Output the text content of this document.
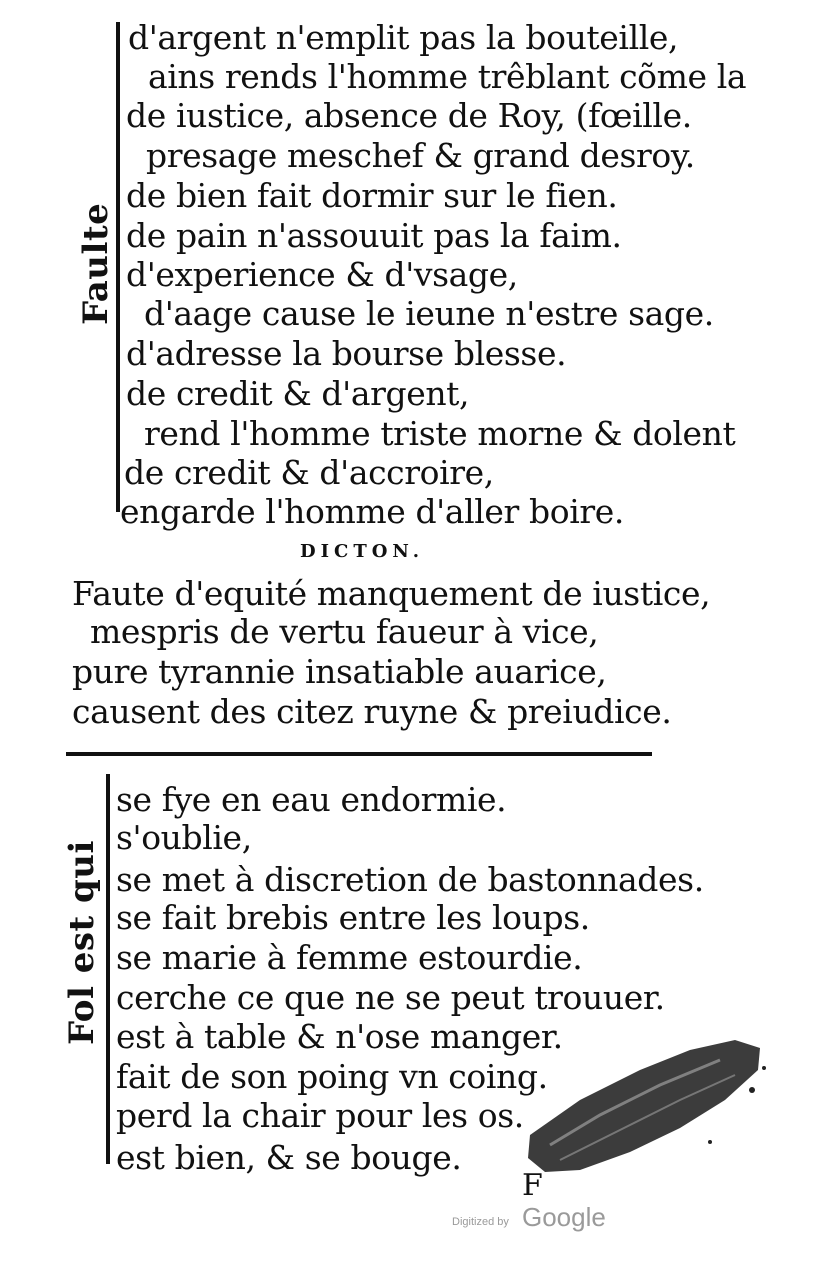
Faulte
d'argent n'emplit pas la bouteille,
ains rends l'homme trêblant cõme la
de iustice, absence de Roy, (fœille.
presage meschef & grand desroy.
de bien fait dormir sur le fien.
de pain n'assouuit pas la faim.
d'experience & d'vsage,
d'aage cause le ieune n'estre sage.
d'adresse la bourse blesse.
de credit & d'argent,
rend l'homme triste morne & dolent
de credit & d'accroire,
engarde l'homme d'aller boire.
DICTON.
Faute d'equité manquement de iustice,
mespris de vertu faueur à vice,
pure tyrannie insatiable auarice,
causent des citez ruyne & preiudice.
Fol est qui
se fye en eau endormie.
s'oublie,
se met à discretion de bastonnades.
se fait brebis entre les loups.
se marie à femme estourdie.
cerche ce que ne se peut trouuer.
est à table & n'ose manger.
fait de son poing vn coing.
perd la chair pour les os.
est bien, & se bouge.
F
Digitized by Google
